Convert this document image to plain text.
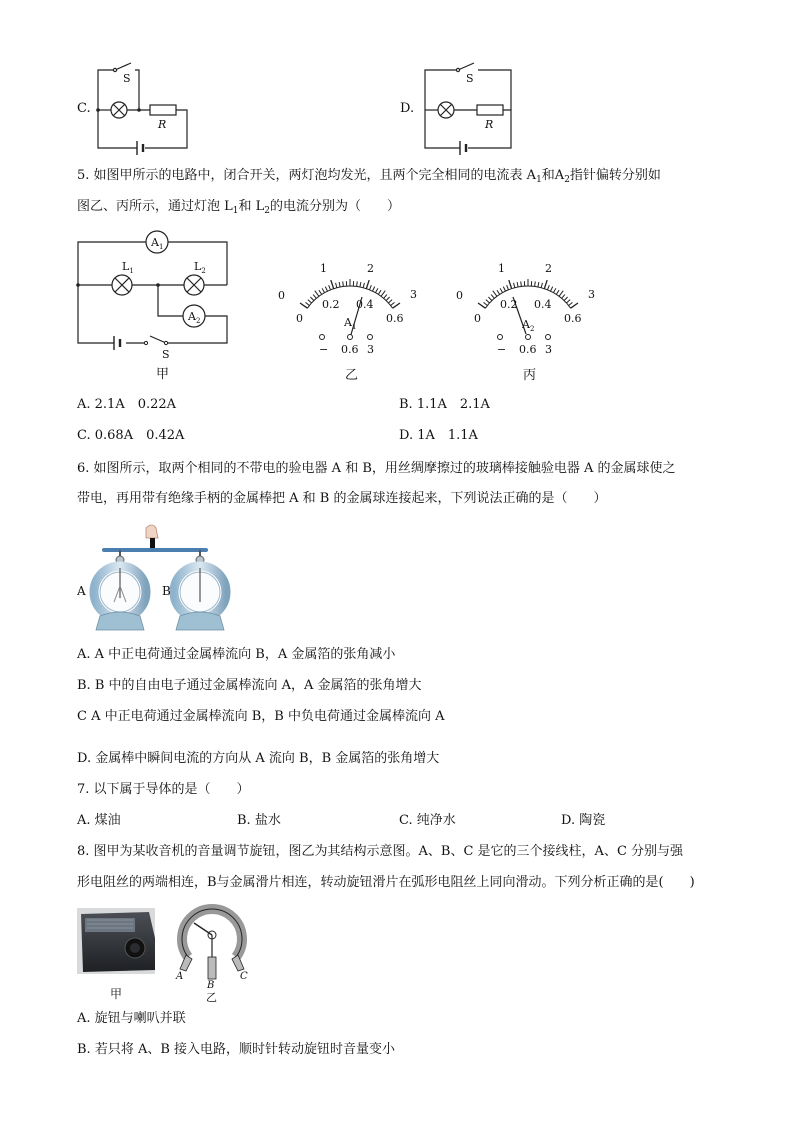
C.
S
R
D.
S
R
5. 如图甲所示的电路中，闭合开关，两灯泡均发光，且两个完全相同的电流表 $A_1$和$A_2$指针偏转分别如
图乙、丙所示，通过灯泡 $L_1$和 $L_2$的电流分别为（　　）
$A_1$
$L_1$	$L_2$
$A_2$
S
甲
0
1	2
3
0
0.2 0.4
0.6
$A_1$
− 0.6 3
乙
0
1	2
3
0
0.2 0.4
0.6
$A_2$
− 0.6 3
丙
A. 2.1A　0.22A	B. 1.1A　2.1A
C. 0.68A　0.42A	D. 1A　1.1A
6. 如图所示，取两个相同的不带电的验电器 A 和 B，用丝绸摩擦过的玻璃棒接触验电器 A 的金属球使之
带电，再用带有绝缘手柄的金属棒把 A 和 B 的金属球连接起来，下列说法正确的是（　　）
A	B
A. A 中正电荷通过金属棒流向 B，A 金属箔的张角减小
B. B 中的自由电子通过金属棒流向 A，A 金属箔的张角增大
C A 中正电荷通过金属棒流向 B，B 中负电荷通过金属棒流向 A
D. 金属棒中瞬间电流的方向从 A 流向 B，B 金属箔的张角增大
7. 以下属于导体的是（　　）
A. 煤油	B. 盐水	C. 纯净水	D. 陶瓷
8. 图甲为某收音机的音量调节旋钮，图乙为其结构示意图。A、B、C 是它的三个接线柱，A、C 分别与强
形电阻丝的两端相连，B与金属滑片相连，转动旋钮滑片在弧形电阻丝上同向滑动。下列分析正确的是(　　)
甲
A
B
C
乙
A. 旋钮与喇叭并联
B. 若只将 A、B 接入电路，顺时针转动旋钮时音量变小
